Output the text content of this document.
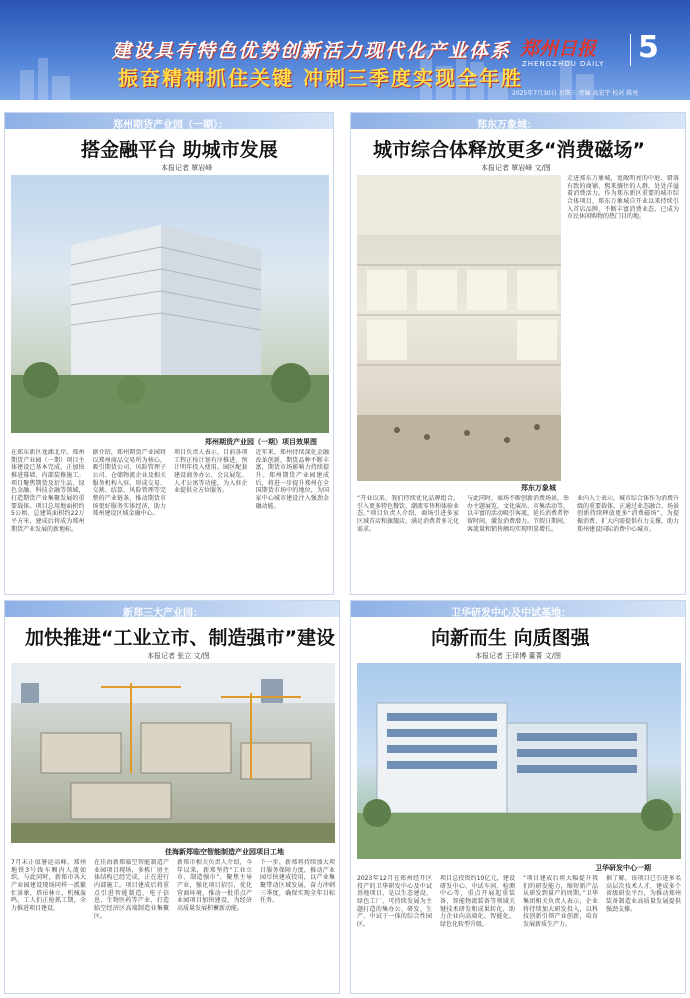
建设具有特色优势创新活力现代化产业体系
振奋精神抓住关键 冲刺三季度实现全年胜
郑州日报
ZHENGZHOU DAILY 5
2025年7月30日 星期三 责编 高宏宇 校对 陈亮
郑州期货产业园（一期）：
搭金融平台 助城市发展
本报记者 覃岩峰
郑州期货产业园（一期）项目效果图
在郑东新区龙湖北岸，郑州期货产业园（一期）项目主体建设已基本完成，正加快推进幕墙、内部装修施工。项目聚焦期货及衍生品、绿色金融、科技金融等领域，打造期货产业集聚发展的重要载体。项目总用地面积约5公顷，总建筑面积约22万平方米，建成后将成为郑州期货产业发展的新地标。
据介绍，郑州期货产业园将以郑州商品交易所为核心，吸引期货公司、风险管理子公司、仓储物流企业及相关服务机构入驻，形成交易、交割、结算、风险管理等完整的产业链条，推动期货市场更好服务实体经济，助力郑州建设区域金融中心。
项目负责人表示，目前各项工程正按计划有序推进，预计明年投入使用。园区配套建设商务办公、会议展览、人才公寓等功能，为入驻企业提供全方位服务。
近年来，郑州持续深化金融改革创新，期货品种不断丰富，期货市场影响力持续提升。郑州期货产业园建成后，将进一步提升郑州在全国期货市场中的地位，为国家中心城市建设注入强劲金融动能。
郑东万象城：
城市综合体释放更多“消费磁场”
本报记者 覃岩峰 文/图
郑东万象城
走进郑东万象城，宽敞明亮的中庭、错落有致的商铺、熙来攘往的人群，处处洋溢着消费活力。作为郑东新区重要的城市综合体项目，郑东万象城自开业以来持续引入首店品牌，不断丰富消费业态，已成为市民休闲购物的热门目的地。
“开业以来，我们持续优化品牌组合，引入更多特色餐饮、潮流零售和体验业态。”项目负责人介绍，商场引进多家区域首店和旗舰店，满足消费者多元化需求。
与此同时，商场不断创新消费场景，举办主题展览、文化演出、市集活动等，以丰富的活动吸引客流，延长消费者停留时间，激发消费潜力。节假日期间，客流量和销售额均实现明显增长。
业内人士表示，城市综合体作为消费升级的重要载体，正通过业态融合、场景创新持续释放更多“消费磁场”，为提振消费、扩大内需提供有力支撑，助力郑州建设国际消费中心城市。
新郑三大产业园：
加快推进“工业立市、制造强市”建设
本报记者 张立 文/图
佳海新郑临空智能制造产业园项目工地
7月末正值暑运高峰，郑州地铁3号线车厢内人流如织。与此同时，新郑市各大产业园建设现场同样一派繁忙景象，塔吊林立，机械轰鸣，工人们正抢抓工期，全力推进项目建设。
在佳海新郑临空智能制造产业园项目现场，多栋厂房主体结构已经完成，正在进行内部施工。项目建成后将重点引进智能制造、电子信息、生物医药等产业，打造临空经济区高端制造业集聚区。
新郑市相关负责人介绍，今年以来，新郑坚持“工业立市、制造强市”，聚焦主导产业，强化项目招引，优化营商环境，推动一批重点产业园项目加快建设，为经济高质量发展积蓄新动能。
下一步，新郑将持续加大项目服务保障力度，推动产业园尽快建成投用，以产业集聚带动区域发展，奋力冲刺三季度，确保实现全年目标任务。
卫华研发中心及中试基地：
向新而生 向质图强
本报记者 王译博 董菁 文/图
卫华研发中心一期
2023年12月在郑州经开区投产的卫华研发中心及中试基地项目，是以生态建设、绿色工厂、可持续发展为主题打造的集办公、研发、生产、中试于一体的综合性园区。
项目总投资约10亿元，建设研发中心、中试车间、检测中心等，重点开展起重装备、智能物流装备等领域关键技术研发和成果转化，助力企业向高端化、智能化、绿色化转型升级。
“项目建成后将大幅提升我们的研发能力，缩短新产品从研发到量产的周期。”卫华集团相关负责人表示，企业将持续加大研发投入，以科技创新引领产业创新，培育发展新质生产力。
据了解，该项目已引进多名高层次技术人才，建成多个省级研发平台，为推动郑州装备制造业高质量发展提供强劲支撑。
